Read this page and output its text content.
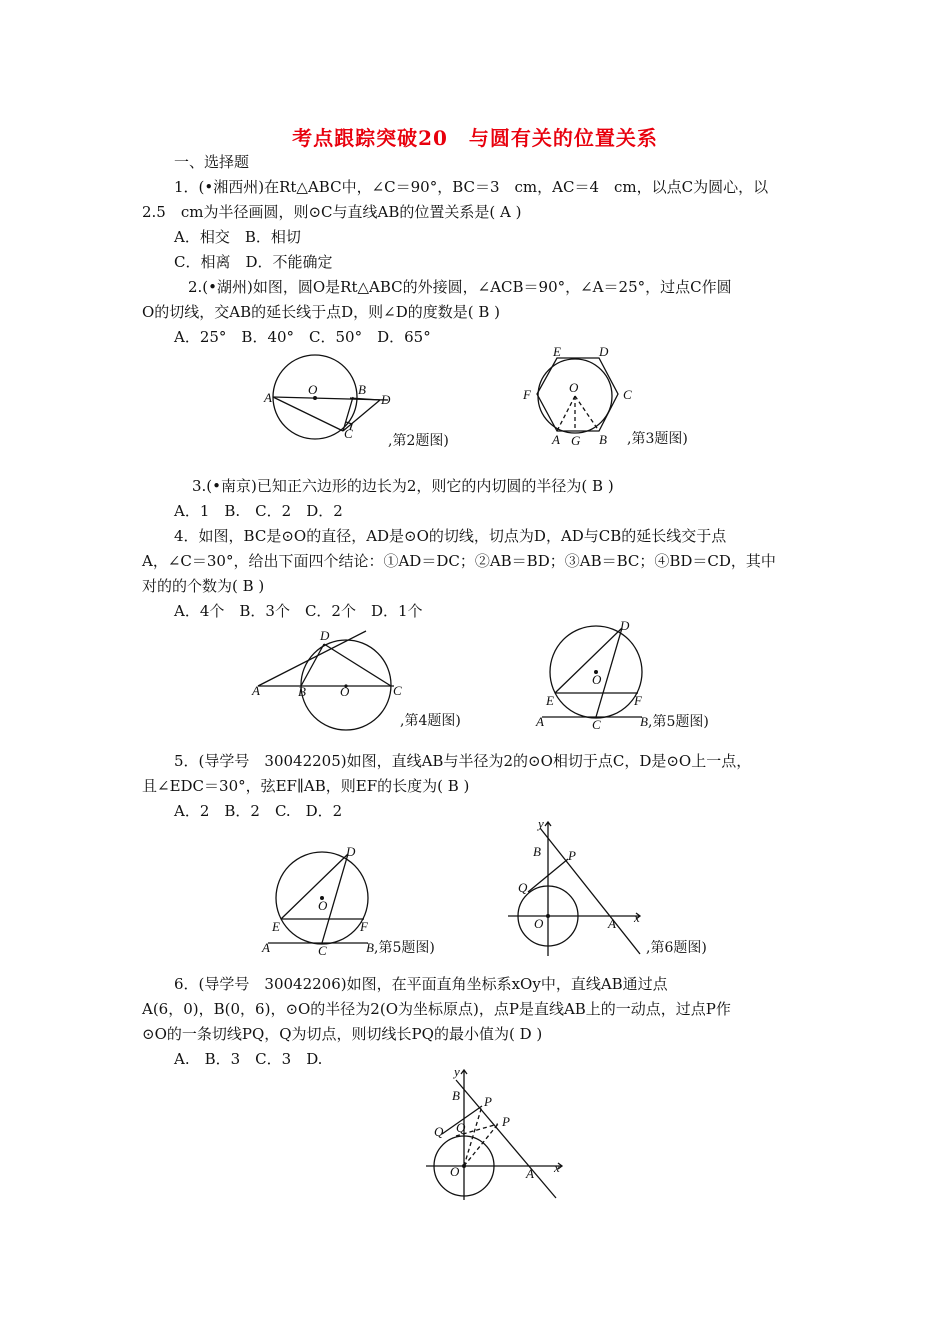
考点跟踪突破20　与圆有关的位置关系
一、选择题
1．(•湘西州)在Rt△ABC中，∠C＝90°，BC＝3　cm，AC＝4　cm，以点C为圆心，以
2.5　cm为半径画圆，则⊙C与直线AB的位置关系是( A )
A．相交　B．相切
C．相离　D．不能确定
2.(•湖州)如图，圆O是Rt△ABC的外接圆，∠ACB＝90°，∠A＝25°，过点C作圆
O的切线，交AB的延长线于点D，则∠D的度数是( B )
A．25°　B．40°　C．50°　D．65°
O	B
D
A
C	,第2题图)
E	D
O
F	C
A G B ,第3题图)
3.(•南京)已知正六边形的边长为2，则它的内切圆的半径为( B )
A．1　B.　C．2　D．2
4．如图，BC是⊙O的直径，AD是⊙O的切线，切点为D，AD与CB的延长线交于点
A，∠C＝30°，给出下面四个结论：①AD＝DC；②AB＝BD；③AB＝BC；④BD＝CD，其中
对的的个数为( B )
A．4个　B．3个　C．2个　D．1个
D
A	B	O	C
,第4题图)
D
O
E	F
A	C	B ,第5题图)
5．(导学号　30042205)如图，直线AB与半径为2的⊙O相切于点C，D是⊙O上一点，
且∠EDC＝30°，弦EF∥AB，则EF的长度为( B )
A．2　B．2　C.　D．2
D
O
E	F
A	C	B ,第5题图)
y
B P
Q
O	A x
,第6题图)
6．(导学号　30042206)如图，在平面直角坐标系xOy中，直线AB通过点
A(6，0)，B(0，6)，⊙O的半径为2(O为坐标原点)，点P是直线AB上的一动点，过点P作
⊙O的一条切线PQ，Q为切点，则切线长PQ的最小值为( D )
A.　B．3　C．3　D.
y
B P
P
Q Q
O	A x
